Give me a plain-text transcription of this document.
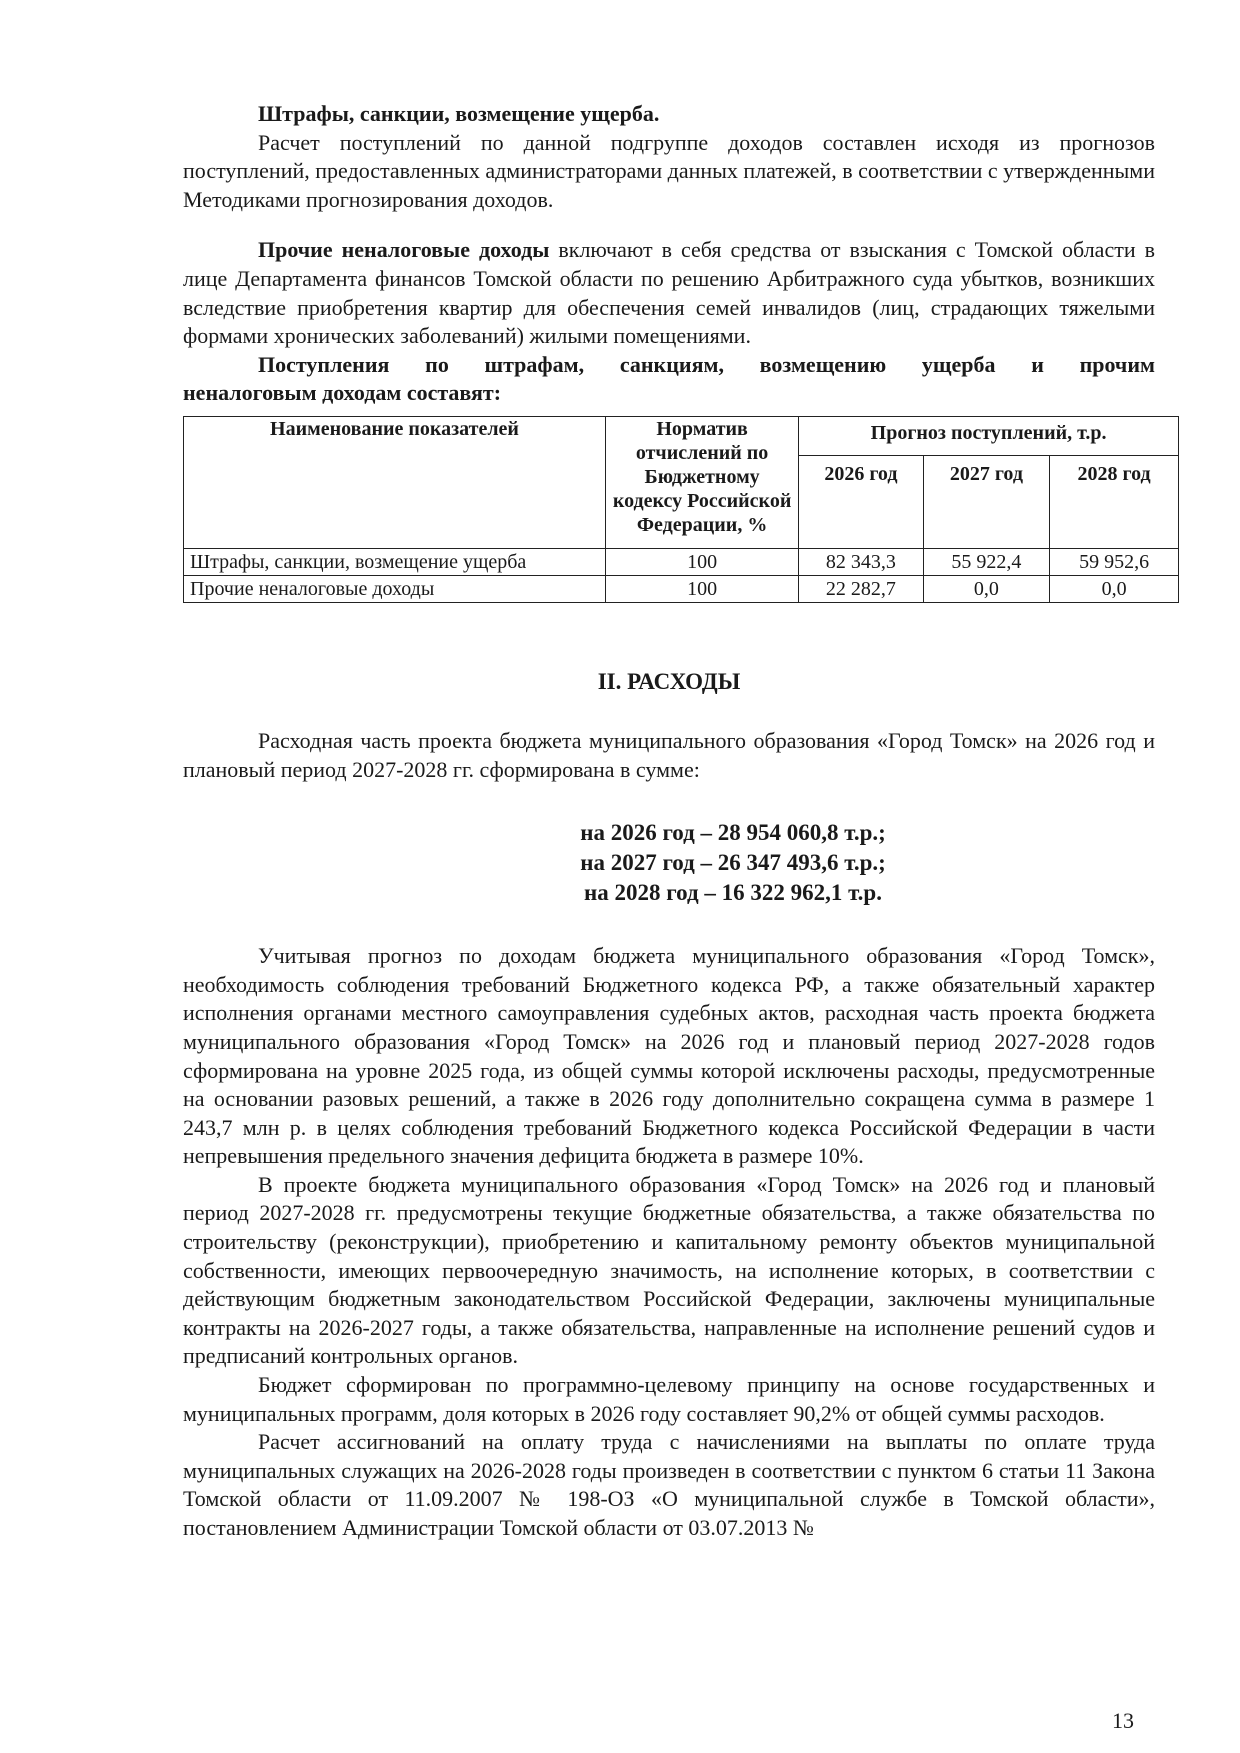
Штрафы, санкции, возмещение ущерба.

Расчет поступлений по данной подгруппе доходов составлен исходя из прогнозов поступлений, предоставленных администраторами данных платежей, в соответствии с утвержденными Методиками прогнозирования доходов.

Прочие неналоговые доходы включают в себя средства от взыскания с Томской области в лице Департамента финансов Томской области по решению Арбитражного суда убытков, возникших вследствие приобретения квартир для обеспечения семей инвалидов (лиц, страдающих тяжелыми формами хронических заболеваний) жилыми помещениями.

Поступления по штрафам, санкциям, возмещению ущерба и прочим

неналоговым доходам составят:

Наименование показателей	Норматив отчислений по Бюджетному кодексу Российской Федерации, %	Прогноз поступлений, т.р.		
		2026 год	2027 год	2028 год
Штрафы, санкции, возмещение ущерба	100	82 343,3	55 922,4	59 952,6
Прочие неналоговые доходы	100	22 282,7	0,0	0,0
II. РАСХОДЫ

Расходная часть проекта бюджета муниципального образования «Город Томск» на 2026 год и плановый период 2027-2028 гг. сформирована в сумме:

на 2026 год – 28 954 060,8 т.р.;
на 2027 год – 26 347 493,6 т.р.;
на 2028 год – 16 322 962,1 т.р.

Учитывая прогноз по доходам бюджета муниципального образования «Город Томск», необходимость соблюдения требований Бюджетного кодекса РФ, а также обязательный характер исполнения органами местного самоуправления судебных актов, расходная часть проекта бюджета муниципального образования «Город Томск» на 2026 год и плановый период 2027-2028 годов сформирована на уровне 2025 года, из общей суммы которой исключены расходы, предусмотренные на основании разовых решений, а также в 2026 году дополнительно сокращена сумма в размере 1 243,7 млн р. в целях соблюдения требований Бюджетного кодекса Российской Федерации в части непревышения предельного значения дефицита бюджета в размере 10%.

В проекте бюджета муниципального образования «Город Томск» на 2026 год и плановый период 2027-2028 гг. предусмотрены текущие бюджетные обязательства, а также обязательства по строительству (реконструкции), приобретению и капитальному ремонту объектов муниципальной собственности, имеющих первоочередную значимость, на исполнение которых, в соответствии с действующим бюджетным законодательством Российской Федерации, заключены муниципальные контракты на 2026-2027 годы, а также обязательства, направленные на исполнение решений судов и предписаний контрольных органов.

Бюджет сформирован по программно-целевому принципу на основе государственных и муниципальных программ, доля которых в 2026 году составляет 90,2% от общей суммы расходов.

Расчет ассигнований на оплату труда с начислениями на выплаты по оплате труда муниципальных служащих на 2026-2028 годы произведен в соответствии с пунктом 6 статьи 11 Закона Томской области от 11.09.2007 № 198-ОЗ «О муниципальной службе в Томской области», постановлением Администрации Томской области от 03.07.2013 №

13
